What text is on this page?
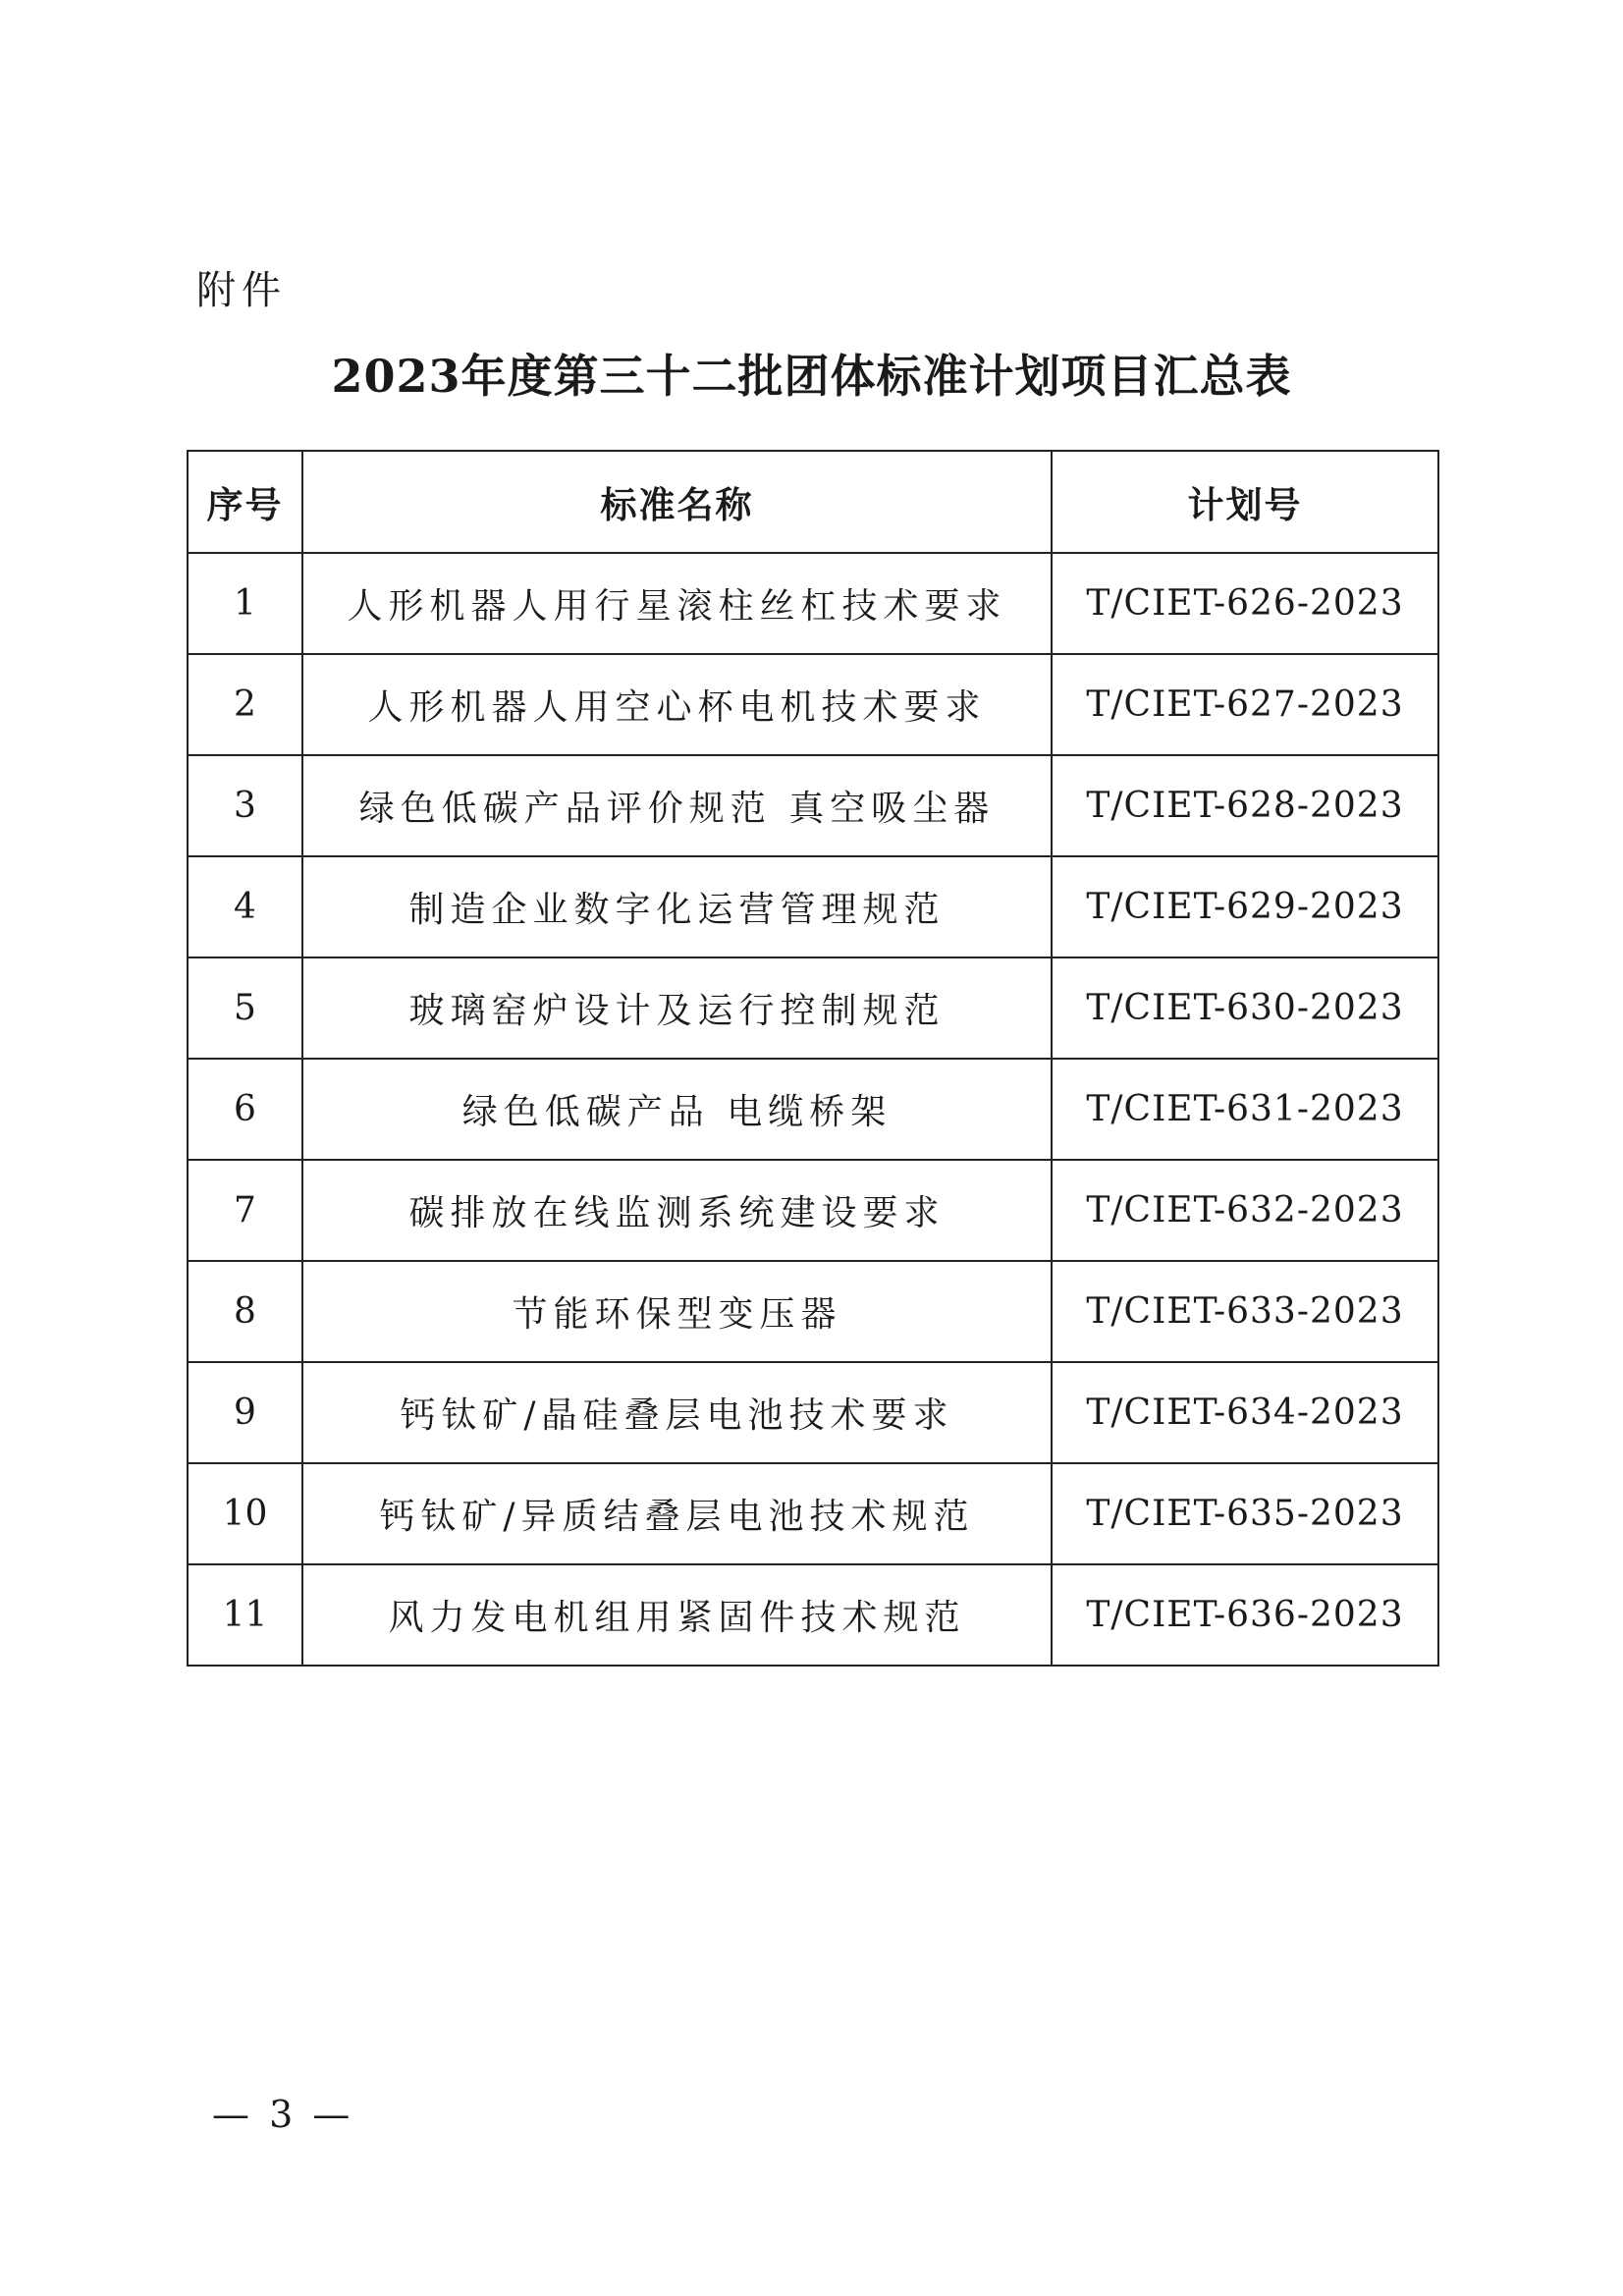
附件
2023年度第三十二批团体标准计划项目汇总表
序号	标准名称	计划号
1	人形机器人用行星滚柱丝杠技术要求	T/CIET-626-2023
2	人形机器人用空心杯电机技术要求	T/CIET-627-2023
3	绿色低碳产品评价规范 真空吸尘器	T/CIET-628-2023
4	制造企业数字化运营管理规范	T/CIET-629-2023
5	玻璃窑炉设计及运行控制规范	T/CIET-630-2023
6	绿色低碳产品 电缆桥架	T/CIET-631-2023
7	碳排放在线监测系统建设要求	T/CIET-632-2023
8	节能环保型变压器	T/CIET-633-2023
9	钙钛矿/晶硅叠层电池技术要求	T/CIET-634-2023
10	钙钛矿/异质结叠层电池技术规范	T/CIET-635-2023
11	风力发电机组用紧固件技术规范	T/CIET-636-2023
— 3 —
